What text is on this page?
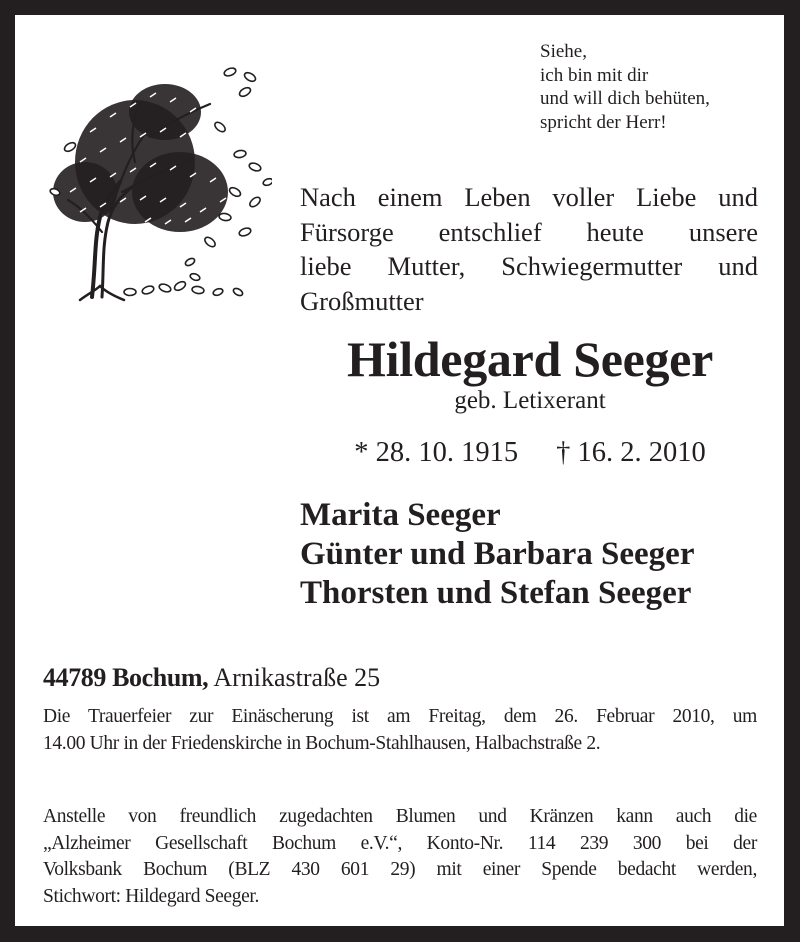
Siehe,
ich bin mit dir
und will dich behüten,
spricht der Herr!
Nach einem Leben voller Liebe und
Fürsorge entschlief heute unsere
liebe Mutter, Schwiegermutter und
Großmutter
Hildegard Seeger
geb. Letixerant
* 28. 10. 1915 † 16. 2. 2010
Marita Seeger
Günter und Barbara Seeger
Thorsten und Stefan Seeger
44789 Bochum, Arnikastraße 25
Die Trauerfeier zur Einäscherung ist am Freitag, dem 26. Februar 2010, um
14.00 Uhr in der Friedenskirche in Bochum-Stahlhausen, Halbachstraße 2.
Anstelle von freundlich zugedachten Blumen und Kränzen kann auch die
„Alzheimer Gesellschaft Bochum e.V.“, Konto-Nr. 114 239 300 bei der
Volksbank Bochum (BLZ 430 601 29) mit einer Spende bedacht werden,
Stichwort: Hildegard Seeger.
